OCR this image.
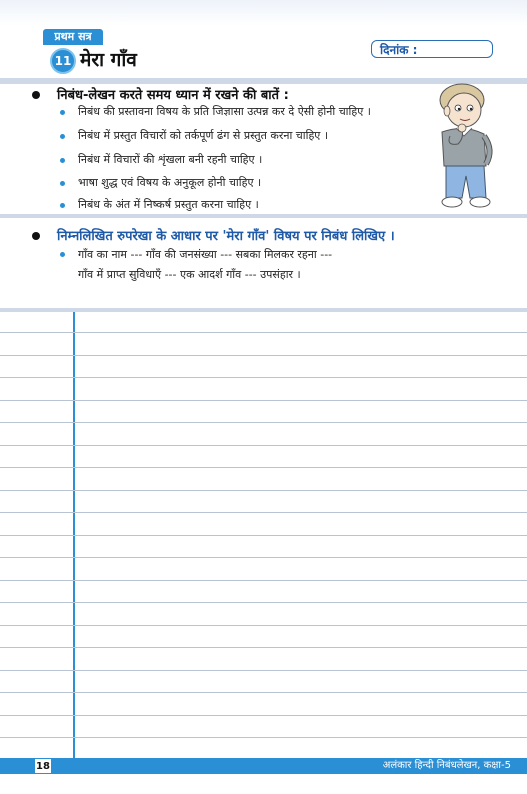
प्रथम सत्र
11 मेरा गाँव	दिनांक :
निबंध-लेखन करते समय ध्यान में रखने की बातें :
निबंध की प्रस्तावना विषय के प्रति जिज्ञासा उत्पन्न कर दे ऐसी होनी चाहिए ।
निबंध में प्रस्तुत विचारों को तर्कपूर्ण ढंग से प्रस्तुत करना चाहिए ।
निबंध में विचारों की शृंखला बनी रहनी चाहिए ।
भाषा शुद्ध एवं विषय के अनुकूल होनी चाहिए ।
निबंध के अंत में निष्कर्ष प्रस्तुत करना चाहिए ।
निम्नलिखित रुपरेखा के आधार पर 'मेरा गाँव' विषय पर निबंध लिखिए ।
गाँव का नाम --- गाँव की जनसंख्या --- सबका मिलकर रहना ---
गाँव में प्राप्त सुविधाएँ --- एक आदर्श गाँव --- उपसंहार ।
18	अलंकार हिन्दी निबंधलेखन, कक्षा-5
